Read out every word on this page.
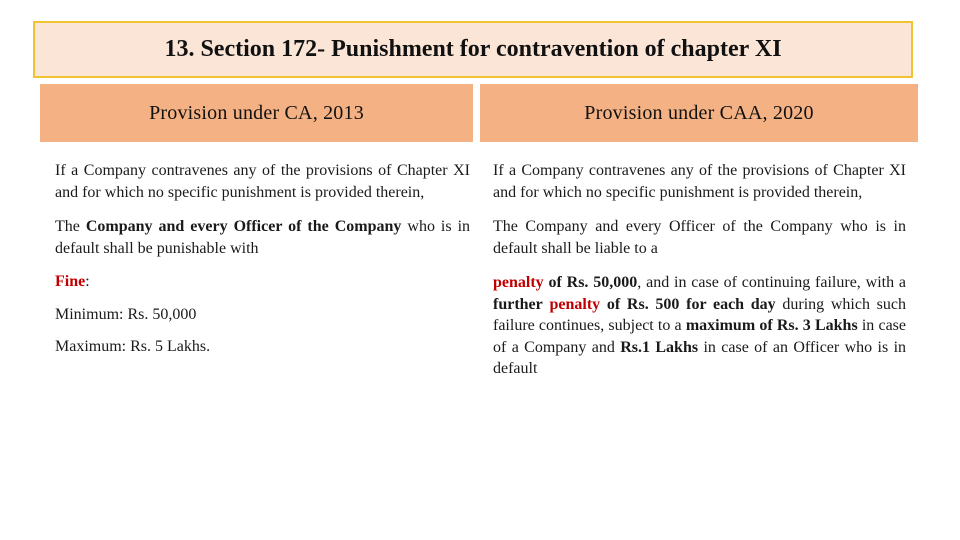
13. Section 172- Punishment for contravention of chapter XI
Provision under CA, 2013	Provision under CAA, 2020

If a Company contravenes any of the provisions of Chapter XI and for which no specific punishment is provided therein,

The Company and every Officer of the Company who is in default shall be punishable with

Fine:

Minimum: Rs. 50,000

Maximum: Rs. 5 Lakhs.

If a Company contravenes any of the provisions of Chapter XI and for which no specific punishment is provided therein,

The Company and every Officer of the Company who is in default shall be liable to a

penalty of Rs. 50,000, and in case of continuing failure, with a further penalty of Rs. 500 for each day during which such failure continues, subject to a maximum of Rs. 3 Lakhs in case of a Company and Rs.1 Lakhs in case of an Officer who is in default
